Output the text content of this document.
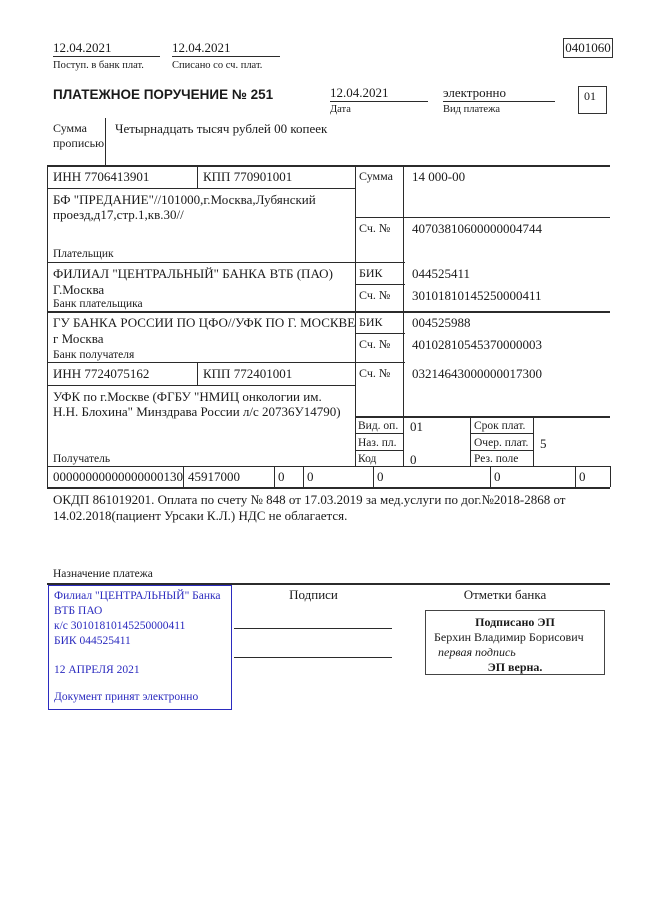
12.04.2021
Поступ. в банк плат.
12.04.2021
Списано со сч. плат.
0401060
ПЛАТЕЖНОЕ ПОРУЧЕНИЕ № 251	12.04.2021
Дата
электронно
Вид платежа
01
Сумма
прописью
Четырнадцать тысяч рублей 00 копеек
ИНН 7706413901	КПП 770901001	Сумма 14 000-00
БФ "ПРЕДАНИЕ"//101000,г.Москва,Лубянский проезд,д17,стр.1,кв.30//
Сч. № 40703810600000004744
Плательщик
ФИЛИАЛ "ЦЕНТРАЛЬНЫЙ" БАНКА ВТБ (ПАО)
Г.Москва
БИК 044525411
Сч. № 30101810145250000411
Банк плательщика
ГУ БАНКА РОССИИ ПО ЦФО//УФК ПО Г. МОСКВЕ
г Москва
БИК 004525988
Сч. № 40102810545370000003
Банк получателя
ИНН 7724075162	КПП 772401001	Сч. № 03214643000000017300
УФК по г.Москве (ФГБУ "НМИЦ онкологии им. Н.Н. Блохина" Минздрава России л/с 20736У14790)
Получатель
Вид. оп. 01	Срок плат.
Наз. пл.	Очер. плат. 5
Код	0	Рез. поле
00000000000000000130 45917000	0 0	0	0	0
ОКДП 861019201. Оплата по счету № 848 от 17.03.2019 за мед.услуги по дог.№2018-2868 от 14.02.2018(пациент Урсаки К.Л.) НДС не облагается.
Назначение платежа
Подписи	Отметки банка
Филиал "ЦЕНТРАЛЬНЫЙ" Банка
ВТБ ПАО
к/с 30101810145250000411
БИК 044525411
12 АПРЕЛЯ 2021
Документ принят электронно
Подписано ЭП
Берхин Владимир Борисович
первая подпись
ЭП верна.
